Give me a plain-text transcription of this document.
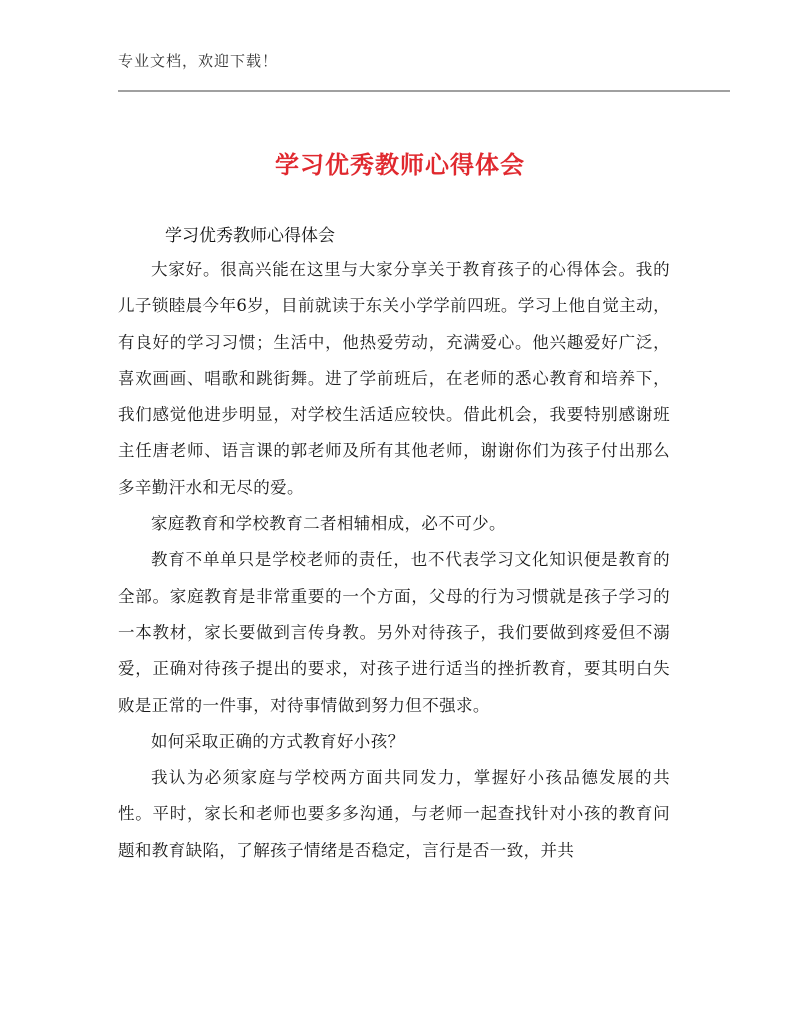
专业文档，欢迎下载！
学习优秀教师心得体会
学习优秀教师心得体会

大家好。很高兴能在这里与大家分享关于教育孩子的心得体会。我的儿子锁睦晨今年6岁，目前就读于东关小学学前四班。学习上他自觉主动，有良好的学习习惯；生活中，他热爱劳动，充满爱心。他兴趣爱好广泛，喜欢画画、唱歌和跳街舞。进了学前班后，在老师的悉心教育和培养下，我们感觉他进步明显，对学校生活适应较快。借此机会，我要特别感谢班主任唐老师、语言课的郭老师及所有其他老师，谢谢你们为孩子付出那么多辛勤汗水和无尽的爱。

家庭教育和学校教育二者相辅相成，必不可少。

教育不单单只是学校老师的责任，也不代表学习文化知识便是教育的全部。家庭教育是非常重要的一个方面，父母的行为习惯就是孩子学习的一本教材，家长要做到言传身教。另外对待孩子，我们要做到疼爱但不溺爱，正确对待孩子提出的要求，对孩子进行适当的挫折教育，要其明白失败是正常的一件事，对待事情做到努力但不强求。

如何采取正确的方式教育好小孩？

我认为必须家庭与学校两方面共同发力，掌握好小孩品德发展的共性。平时，家长和老师也要多多沟通，与老师一起查找针对小孩的教育问题和教育缺陷，了解孩子情绪是否稳定，言行是否一致，并共
